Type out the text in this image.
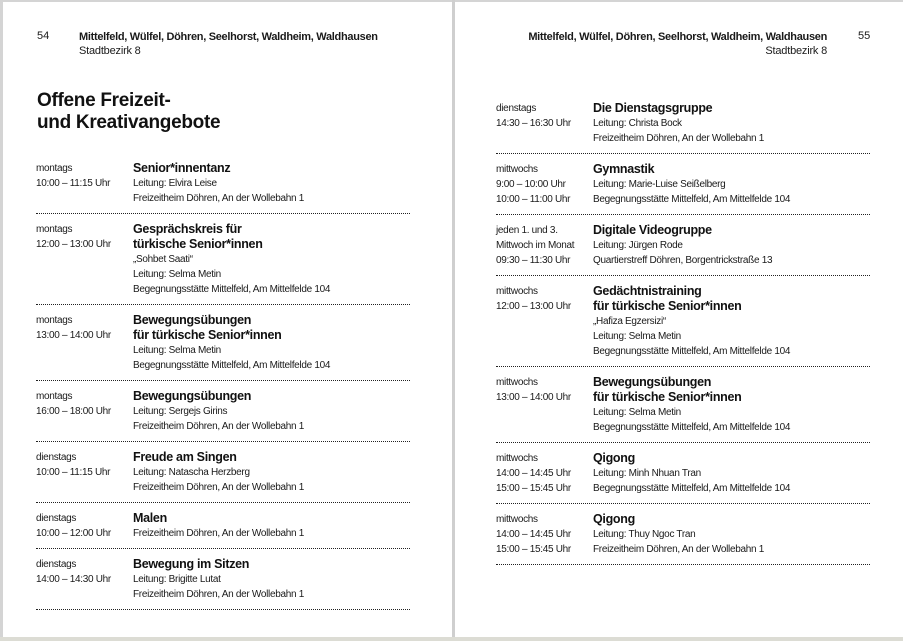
54	Mittelfeld, Wülfel, Döhren, Seelhorst, Waldheim, Waldhausen
Stadtbezirk 8
Offene Freizeit-
und Kreativangebote
montags
10:00 – 11:15 Uhr
Senior*innentanz
Leitung: Elvira Leise
Freizeitheim Döhren, An der Wollebahn 1
montags
12:00 – 13:00 Uhr
Gesprächskreis für
türkische Senior*innen
„Sohbet Saati“
Leitung: Selma Metin
Begegnungsstätte Mittelfeld, Am Mittelfelde 104
montags
13:00 – 14:00 Uhr
Bewegungsübungen
für türkische Senior*innen
Leitung: Selma Metin
Begegnungsstätte Mittelfeld, Am Mittelfelde 104
montags
16:00 – 18:00 Uhr
Bewegungsübungen
Leitung: Sergejs Girins
Freizeitheim Döhren, An der Wollebahn 1
dienstags
10:00 – 11:15 Uhr
Freude am Singen
Leitung: Natascha Herzberg
Freizeitheim Döhren, An der Wollebahn 1
dienstags
10:00 – 12:00 Uhr
Malen
Freizeitheim Döhren, An der Wollebahn 1
dienstags
14:00 – 14:30 Uhr
Bewegung im Sitzen
Leitung: Brigitte Lutat
Freizeitheim Döhren, An der Wollebahn 1
55
Mittelfeld, Wülfel, Döhren, Seelhorst, Waldheim, Waldhausen
Stadtbezirk 8
dienstags
14:30 – 16:30 Uhr
Die Dienstagsgruppe
Leitung: Christa Bock
Freizeitheim Döhren, An der Wollebahn 1
mittwochs
9:00 – 10:00 Uhr
10:00 – 11:00 Uhr
Gymnastik
Leitung: Marie-Luise Seißelberg
Begegnungsstätte Mittelfeld, Am Mittelfelde 104
jeden 1. und 3.
Mittwoch im Monat
09:30 – 11:30 Uhr
Digitale Videogruppe
Leitung: Jürgen Rode
Quartierstreff Döhren, Borgentrickstraße 13
mittwochs
12:00 – 13:00 Uhr
Gedächtnistraining
für türkische Senior*innen
„Hafiza Egzersizi“
Leitung: Selma Metin
Begegnungsstätte Mittelfeld, Am Mittelfelde 104
mittwochs
13:00 – 14:00 Uhr
Bewegungsübungen
für türkische Senior*innen
Leitung: Selma Metin
Begegnungsstätte Mittelfeld, Am Mittelfelde 104
mittwochs
14:00 – 14:45 Uhr
15:00 – 15:45 Uhr
Qigong
Leitung: Minh Nhuan Tran
Begegnungsstätte Mittelfeld, Am Mittelfelde 104
mittwochs
14:00 – 14:45 Uhr
15:00 – 15:45 Uhr
Qigong
Leitung: Thuy Ngoc Tran
Freizeitheim Döhren, An der Wollebahn 1
